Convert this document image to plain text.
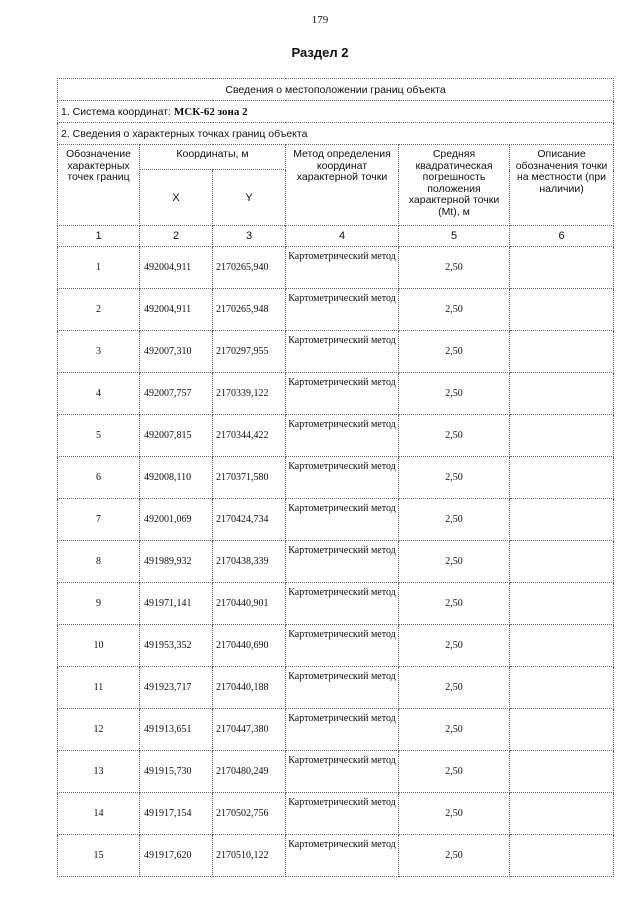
179
Раздел 2
Сведения о местоположении границ объекта					
1. Система координат: МСК-62 зона 2					
2. Сведения о характерных точках границ объекта					
Обозначение характерных точек границ	Координаты, м		Метод определения координат характерной точки	Средняя квадратическая погрешность положения характерной точки (Mt), м	Описание обозначения точки на местности (при наличии)
	X	Y			
1	2	3	4	5	6
1	492004,911	2170265,940	Картометрический метод	2,50	
2	492004,911	2170265,948	Картометрический метод	2,50	
3	492007,310	2170297,955	Картометрический метод	2,50	
4	492007,757	2170339,122	Картометрический метод	2,50	
5	492007,815	2170344,422	Картометрический метод	2,50	
6	492008,110	2170371,580	Картометрический метод	2,50	
7	492001,069	2170424,734	Картометрический метод	2,50	
8	491989,932	2170438,339	Картометрический метод	2,50	
9	491971,141	2170440,901	Картометрический метод	2,50	
10	491953,352	2170440,690	Картометрический метод	2,50	
11	491923,717	2170440,188	Картометрический метод	2,50	
12	491913,651	2170447,380	Картометрический метод	2,50	
13	491915,730	2170480,249	Картометрический метод	2,50	
14	491917,154	2170502,756	Картометрический метод	2,50	
15	491917,620	2170510,122	Картометрический метод	2,50	
